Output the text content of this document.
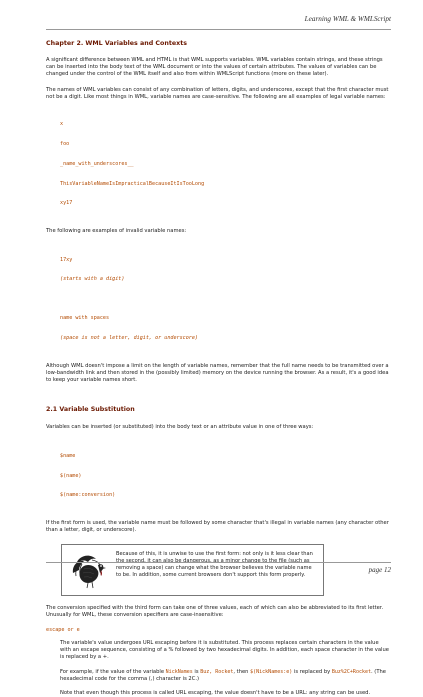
Learning WML & WMLScript
Chapter 2. WML Variables and Contexts

A significant difference between WML and HTML is that WML supports variables. WML variables contain strings, and these strings can be inserted into the body text of the WML document or into the values of certain attributes. The values of variables can be changed under the control of the WML itself and also from within WMLScript functions (more on these later).

The names of WML variables can consist of any combination of letters, digits, and underscores, except that the first character must not be a digit. Like most things in WML, variable names are case-sensitive. The following are all examples of legal variable names:

x

foo

_name_with_underscores__

ThisVariableNameIsImpracticalBecauseItIsTooLong

xy17

The following are examples of invalid variable names:

17xy

(starts with a digit)

name with spaces

(space is not a letter, digit, or underscore)

Although WML doesn't impose a limit on the length of variable names, remember that the full name needs to be transmitted over a low-bandwidth link and then stored in the (possibly limited) memory on the device running the browser. As a result, it's a good idea to keep your variable names short.

2.1 Variable Substitution

Variables can be inserted (or substituted) into the body text or an attribute value in one of three ways:

$name

$(name)

$(name:conversion)

If the first form is used, the variable name must be followed by some character that's illegal in variable names (any character other than a letter, digit, or underscore).

Because of this, it is unwise to use the first form: not only is it less clear than the second, it can also be dangerous, as a minor change to the file (such as removing a space) can change what the browser believes the variable name to be. In addition, some current browsers don't support this form properly.

The conversion specified with the third form can take one of three values, each of which can also be abbreviated to its first letter. Unusually for WML, these conversion specifiers are case-insensitive:

escape or e

The variable's value undergoes URL escaping before it is substituted. This process replaces certain characters in the value with an escape sequence, consisting of a % followed by two hexadecimal digits. In addition, each space character in the value is replaced by a +.

For example, if the value of the variable NickNames is Buz, Rocket, then $(NickNames:e) is replaced by Buz%2C+Rocket. (The hexadecimal code for the comma (,) character is 2C.)

Note that even though this process is called URL escaping, the value doesn't have to be a URL: any string can be used.

page 12
